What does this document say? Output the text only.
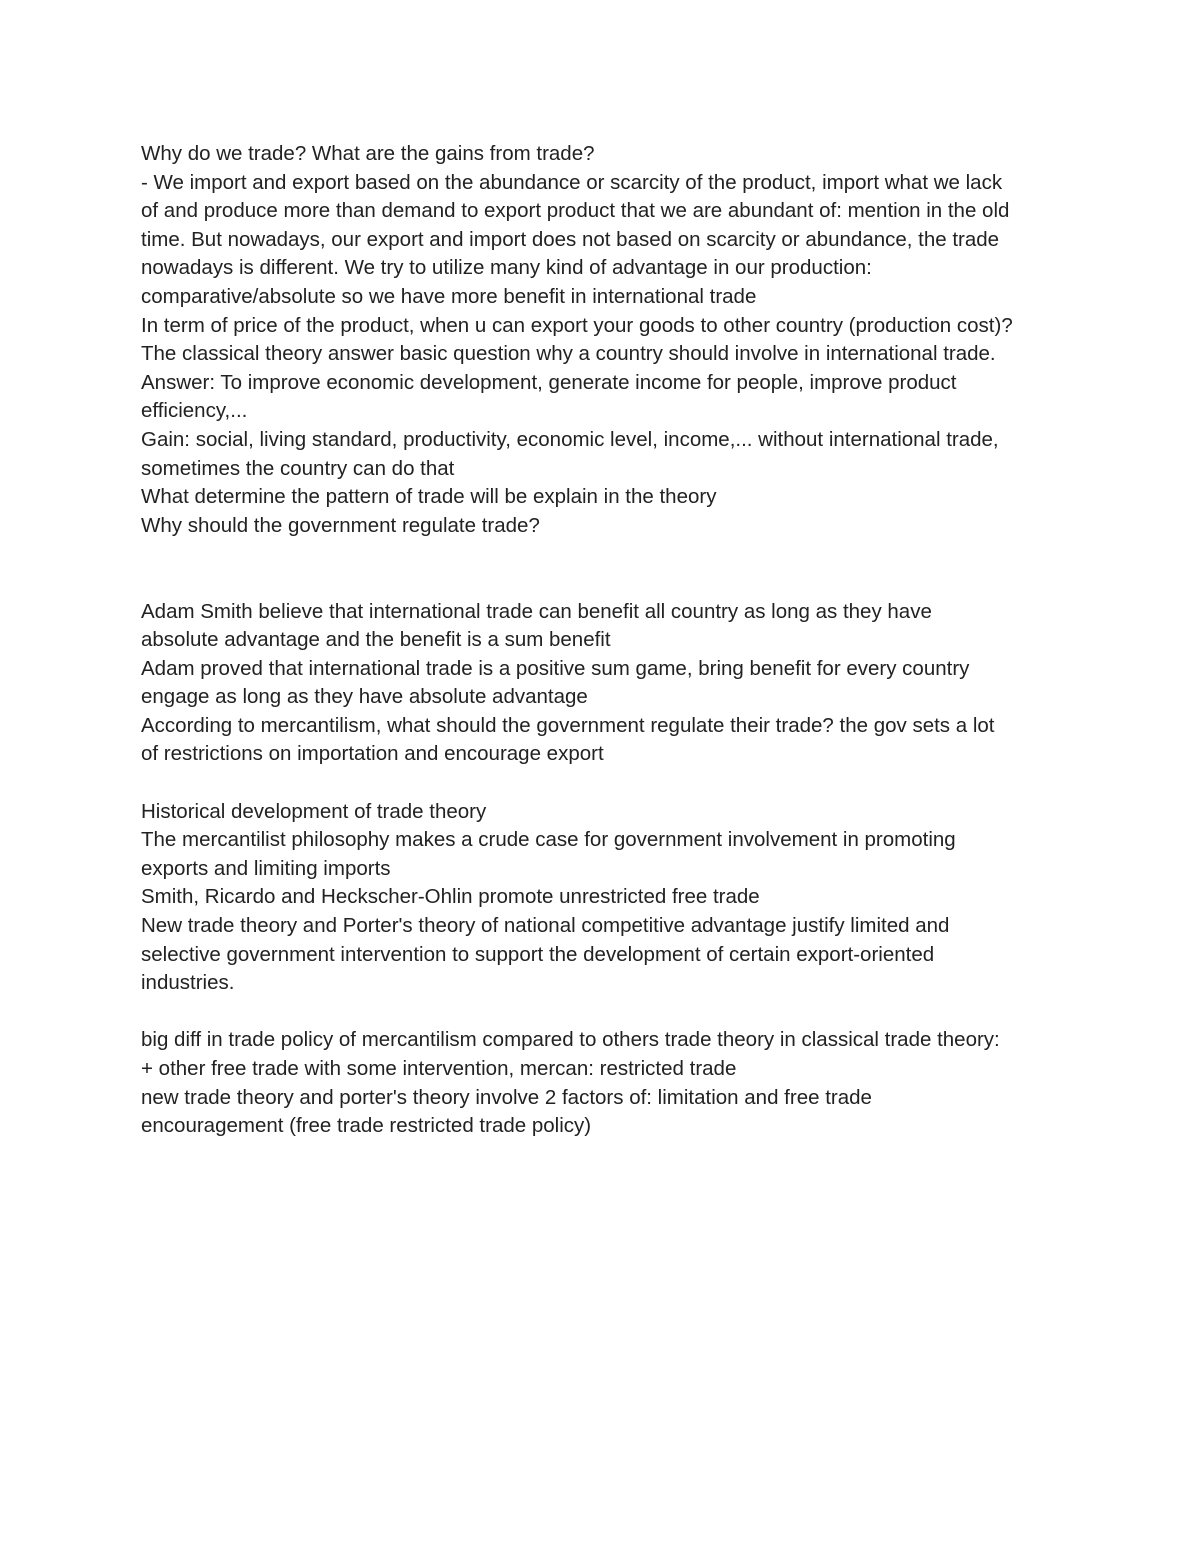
Why do we trade? What are the gains from trade?
- We import and export based on the abundance or scarcity of the product, import what we lack
of and produce more than demand to export product that we are abundant of: mention in the old
time. But nowadays, our export and import does not based on scarcity or abundance, the trade
nowadays is different. We try to utilize many kind of advantage in our production:
comparative/absolute so we have more benefit in international trade
In term of price of the product, when u can export your goods to other country (production cost)?
The classical theory answer basic question why a country should involve in international trade.
Answer: To improve economic development, generate income for people, improve product
efficiency,...
Gain: social, living standard, productivity, economic level, income,... without international trade,
sometimes the country can do that
What determine the pattern of trade will be explain in the theory
Why should the government regulate trade?
Adam Smith believe that international trade can benefit all country as long as they have
absolute advantage and the benefit is a sum benefit
Adam proved that international trade is a positive sum game, bring benefit for every country
engage as long as they have absolute advantage
According to mercantilism, what should the government regulate their trade? the gov sets a lot
of restrictions on importation and encourage export
Historical development of trade theory
The mercantilist philosophy makes a crude case for government involvement in promoting
exports and limiting imports
Smith, Ricardo and Heckscher-Ohlin promote unrestricted free trade
New trade theory and Porter's theory of national competitive advantage justify limited and
selective government intervention to support the development of certain export-oriented
industries.
big diff in trade policy of mercantilism compared to others trade theory in classical trade theory:
+ other free trade with some intervention, mercan: restricted trade
new trade theory and porter's theory involve 2 factors of: limitation and free trade
encouragement (free trade restricted trade policy)
